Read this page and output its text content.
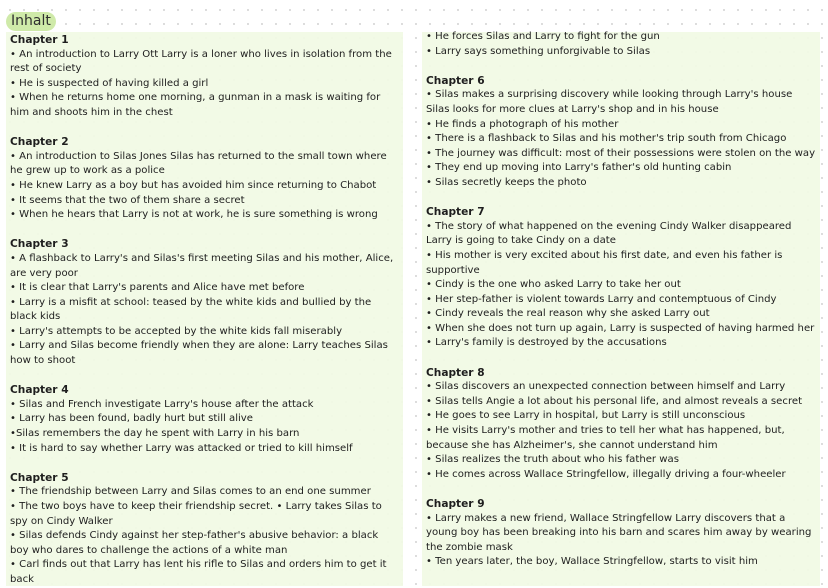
Inhalt
Chapter 1
• An introduction to Larry Ott Larry is a loner who lives in isolation from the rest of society
• He is suspected of having killed a girl
• When he returns home one morning, a gunman in a mask is waiting for him and shoots him in the chest
Chapter 2
• An introduction to Silas Jones Silas has returned to the small town where he grew up to work as a police
• He knew Larry as a boy but has avoided him since returning to Chabot
• It seems that the two of them share a secret
• When he hears that Larry is not at work, he is sure something is wrong
Chapter 3
• A flashback to Larry's and Silas's first meeting Silas and his mother, Alice, are very poor
• It is clear that Larry's parents and Alice have met before
• Larry is a misfit at school: teased by the white kids and bullied by the black kids
• Larry's attempts to be accepted by the white kids fall miserably
• Larry and Silas become friendly when they are alone: Larry teaches Silas how to shoot
Chapter 4
• Silas and French investigate Larry's house after the attack
• Larry has been found, badly hurt but still alive
•Silas remembers the day he spent with Larry in his barn
• It is hard to say whether Larry was attacked or tried to kill himself
Chapter 5
• The friendship between Larry and Silas comes to an end one summer
• The two boys have to keep their friendship secret. • Larry takes Silas to spy on Cindy Walker
• Silas defends Cindy against her step-father's abusive behavior: a black boy who dares to challenge the actions of a white man
• Carl finds out that Larry has lent his rifle to Silas and orders him to get it back
• He forces Silas and Larry to fight for the gun
• Larry says something unforgivable to Silas
Chapter 6
• Silas makes a surprising discovery while looking through Larry's house Silas looks for more clues at Larry's shop and in his house
• He finds a photograph of his mother
• There is a flashback to Silas and his mother's trip south from Chicago
• The journey was difficult: most of their possessions were stolen on the way
• They end up moving into Larry's father's old hunting cabin
• Silas secretly keeps the photo
Chapter 7
• The story of what happened on the evening Cindy Walker disappeared Larry is going to take Cindy on a date
• His mother is very excited about his first date, and even his father is supportive
• Cindy is the one who asked Larry to take her out
• Her step-father is violent towards Larry and contemptuous of Cindy
• Cindy reveals the real reason why she asked Larry out
• When she does not turn up again, Larry is suspected of having harmed her
• Larry's family is destroyed by the accusations
Chapter 8
• Silas discovers an unexpected connection between himself and Larry
• Silas tells Angie a lot about his personal life, and almost reveals a secret
• He goes to see Larry in hospital, but Larry is still unconscious
• He visits Larry's mother and tries to tell her what has happened, but, because she has Alzheimer's, she cannot understand him
• Silas realizes the truth about who his father was
• He comes across Wallace Stringfellow, illegally driving a four-wheeler
Chapter 9
• Larry makes a new friend, Wallace Stringfellow Larry discovers that a young boy has been breaking into his barn and scares him away by wearing the zombie mask
• Ten years later, the boy, Wallace Stringfellow, starts to visit him
